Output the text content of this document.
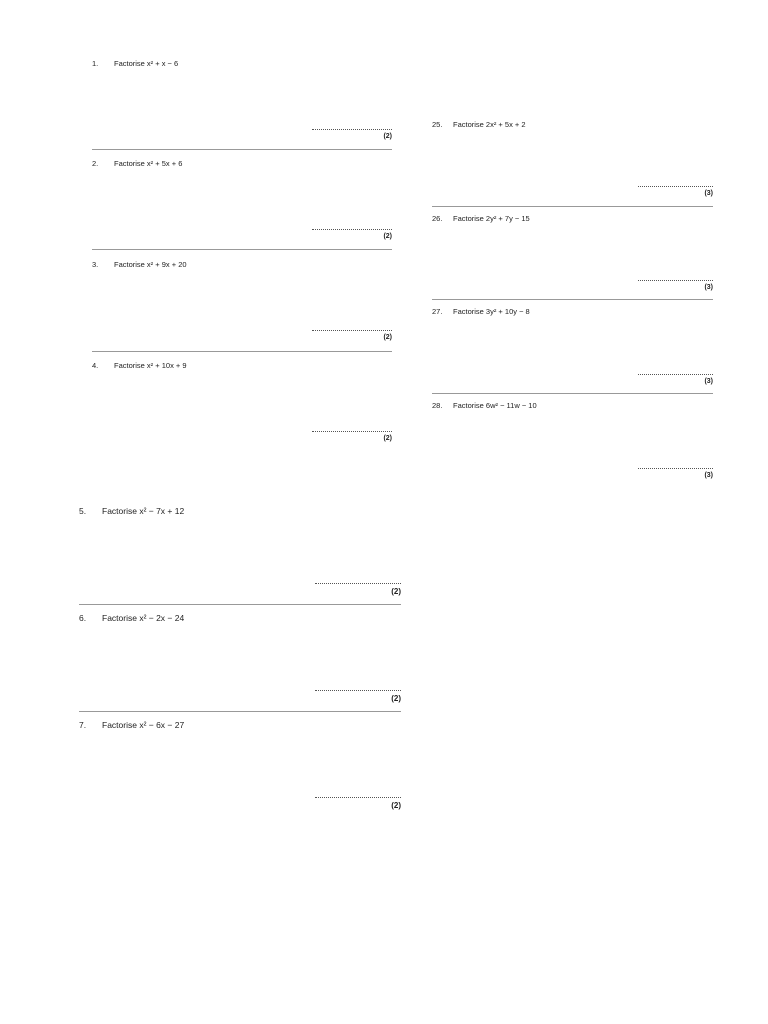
1. Factorise x² + x − 6
(2)
2. Factorise x² + 5x + 6
(2)
3. Factorise x² + 9x + 20
(2)
4. Factorise x² + 10x + 9
(2)
25. Factorise 2x² + 5x + 2
(3)
26. Factorise 2y² + 7y − 15
(3)
27. Factorise 3y² + 10y − 8
(3)
28. Factorise 6w² − 11w − 10
(3)
5. Factorise x² − 7x + 12
(2)
6. Factorise x² − 2x − 24
(2)
7. Factorise x² − 6x − 27
(2)
